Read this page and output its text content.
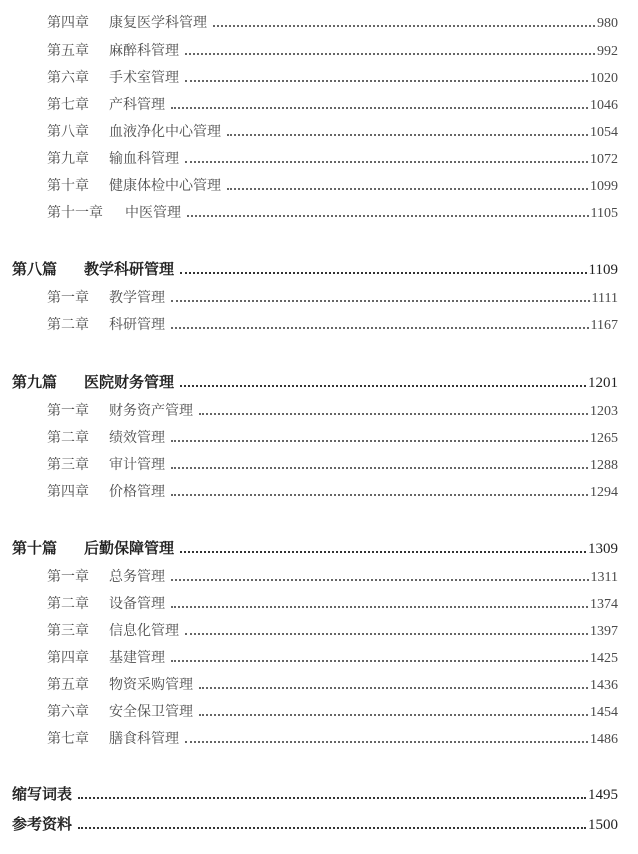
第四章	康复医学科管理	980
第五章	麻醉科管理	992
第六章	手术室管理	1020
第七章	产科管理	1046
第八章	血液净化中心管理	1054
第九章	输血科管理	1072
第十章	健康体检中心管理	1099
第十一章	中医管理	1105
第八篇	教学科研管理	1109
第一章	教学管理	1111
第二章	科研管理	1167
第九篇	医院财务管理	1201
第一章	财务资产管理	1203
第二章	绩效管理	1265
第三章	审计管理	1288
第四章	价格管理	1294
第十篇	后勤保障管理	1309
第一章	总务管理	1311
第二章	设备管理	1374
第三章	信息化管理	1397
第四章	基建管理	1425
第五章	物资采购管理	1436
第六章	安全保卫管理	1454
第七章	膳食科管理	1486
缩写词表	1495
参考资料	1500
